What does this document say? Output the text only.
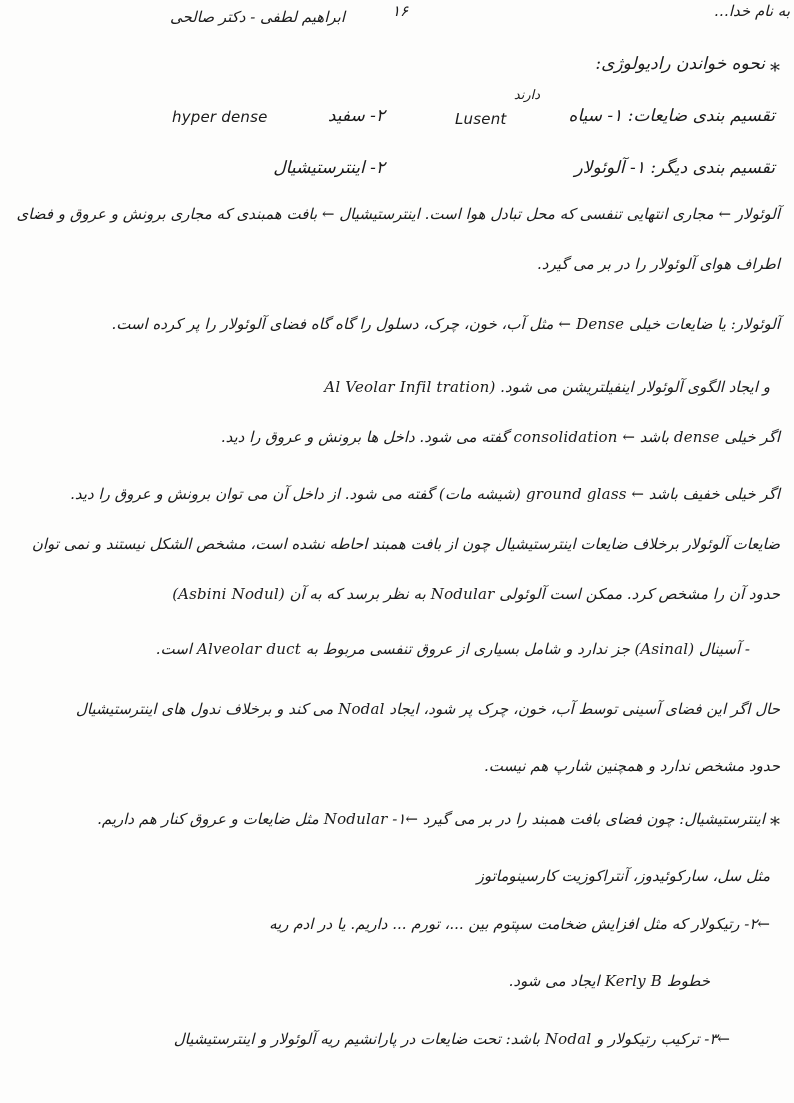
به نام خدا…
۱۶
ابراهیم لطفی - دکتر صالحی
*
نحوه خواندن رادیولوژی:
دارند
تقسیم بندی ضایعات: ۱- سیاه
Lusent
۲- سفید
hyper dense
تقسیم بندی دیگر: ۱- آلوئولار
۲- اینترستیشیال
آلوئولار ← مجاری انتهایی تنفسی که محل تبادل هوا است. اینترستیشیال ← بافت همبندی که مجاری برونش و عروق و فضای
اطراف هوای آلوئولار را در بر می گیرد.
آلوئولار: یا ضایعات خیلی Dense ← مثل آب، خون، چرک، دسلول را گاه گاه فضای آلوئولار را پر کرده است.
و ایجاد الگوی آلوئولار اینفیلتریشن می شود. (Al Veolar Infil tration
اگر خیلی dense باشد ← consolidation گفته می شود. داخل ها برونش و عروق را دید.
اگر خیلی خفیف باشد ← ground glass (شیشه مات) گفته می شود. از داخل آن می توان برونش و عروق را دید.
ضایعات آلوئولار برخلاف ضایعات اینترستیشیال چون از بافت همبند احاطه نشده است، مشخص الشکل نیستند و نمی توان
حدود آن را مشخص کرد. ممکن است آلوئولی Nodular به نظر برسد که به آن (Asbini Nodul)
- آسینال (Asinal) جز ندارد و شامل بسیاری از عروق تنفسی مربوط به Alveolar duct است.
حال اگر این فضای آسینی توسط آب، خون، چرک پر شود، ایجاد Nodal می کند و برخلاف ندول های اینترستیشیال
حدود مشخص ندارد و همچنین شارپ هم نیست.
*
اینترستیشیال: چون فضای بافت همبند را در بر می گیرد ←۱- Nodular مثل ضایعات و عروق کنار هم داریم.
مثل سل، سارکوئیدوز، آنتراکوزیت کارسینوماتوز
←۲- رتیکولار که مثل افزایش ضخامت سپتوم بین ...، تورم ... داریم. یا در ادم ریه
خطوط Kerly B ایجاد می شود.
←۳- ترکیب رتیکولار و Nodal باشد: تحت ضایعات در پارانشیم ریه آلوئولار و اینترستیشیال
